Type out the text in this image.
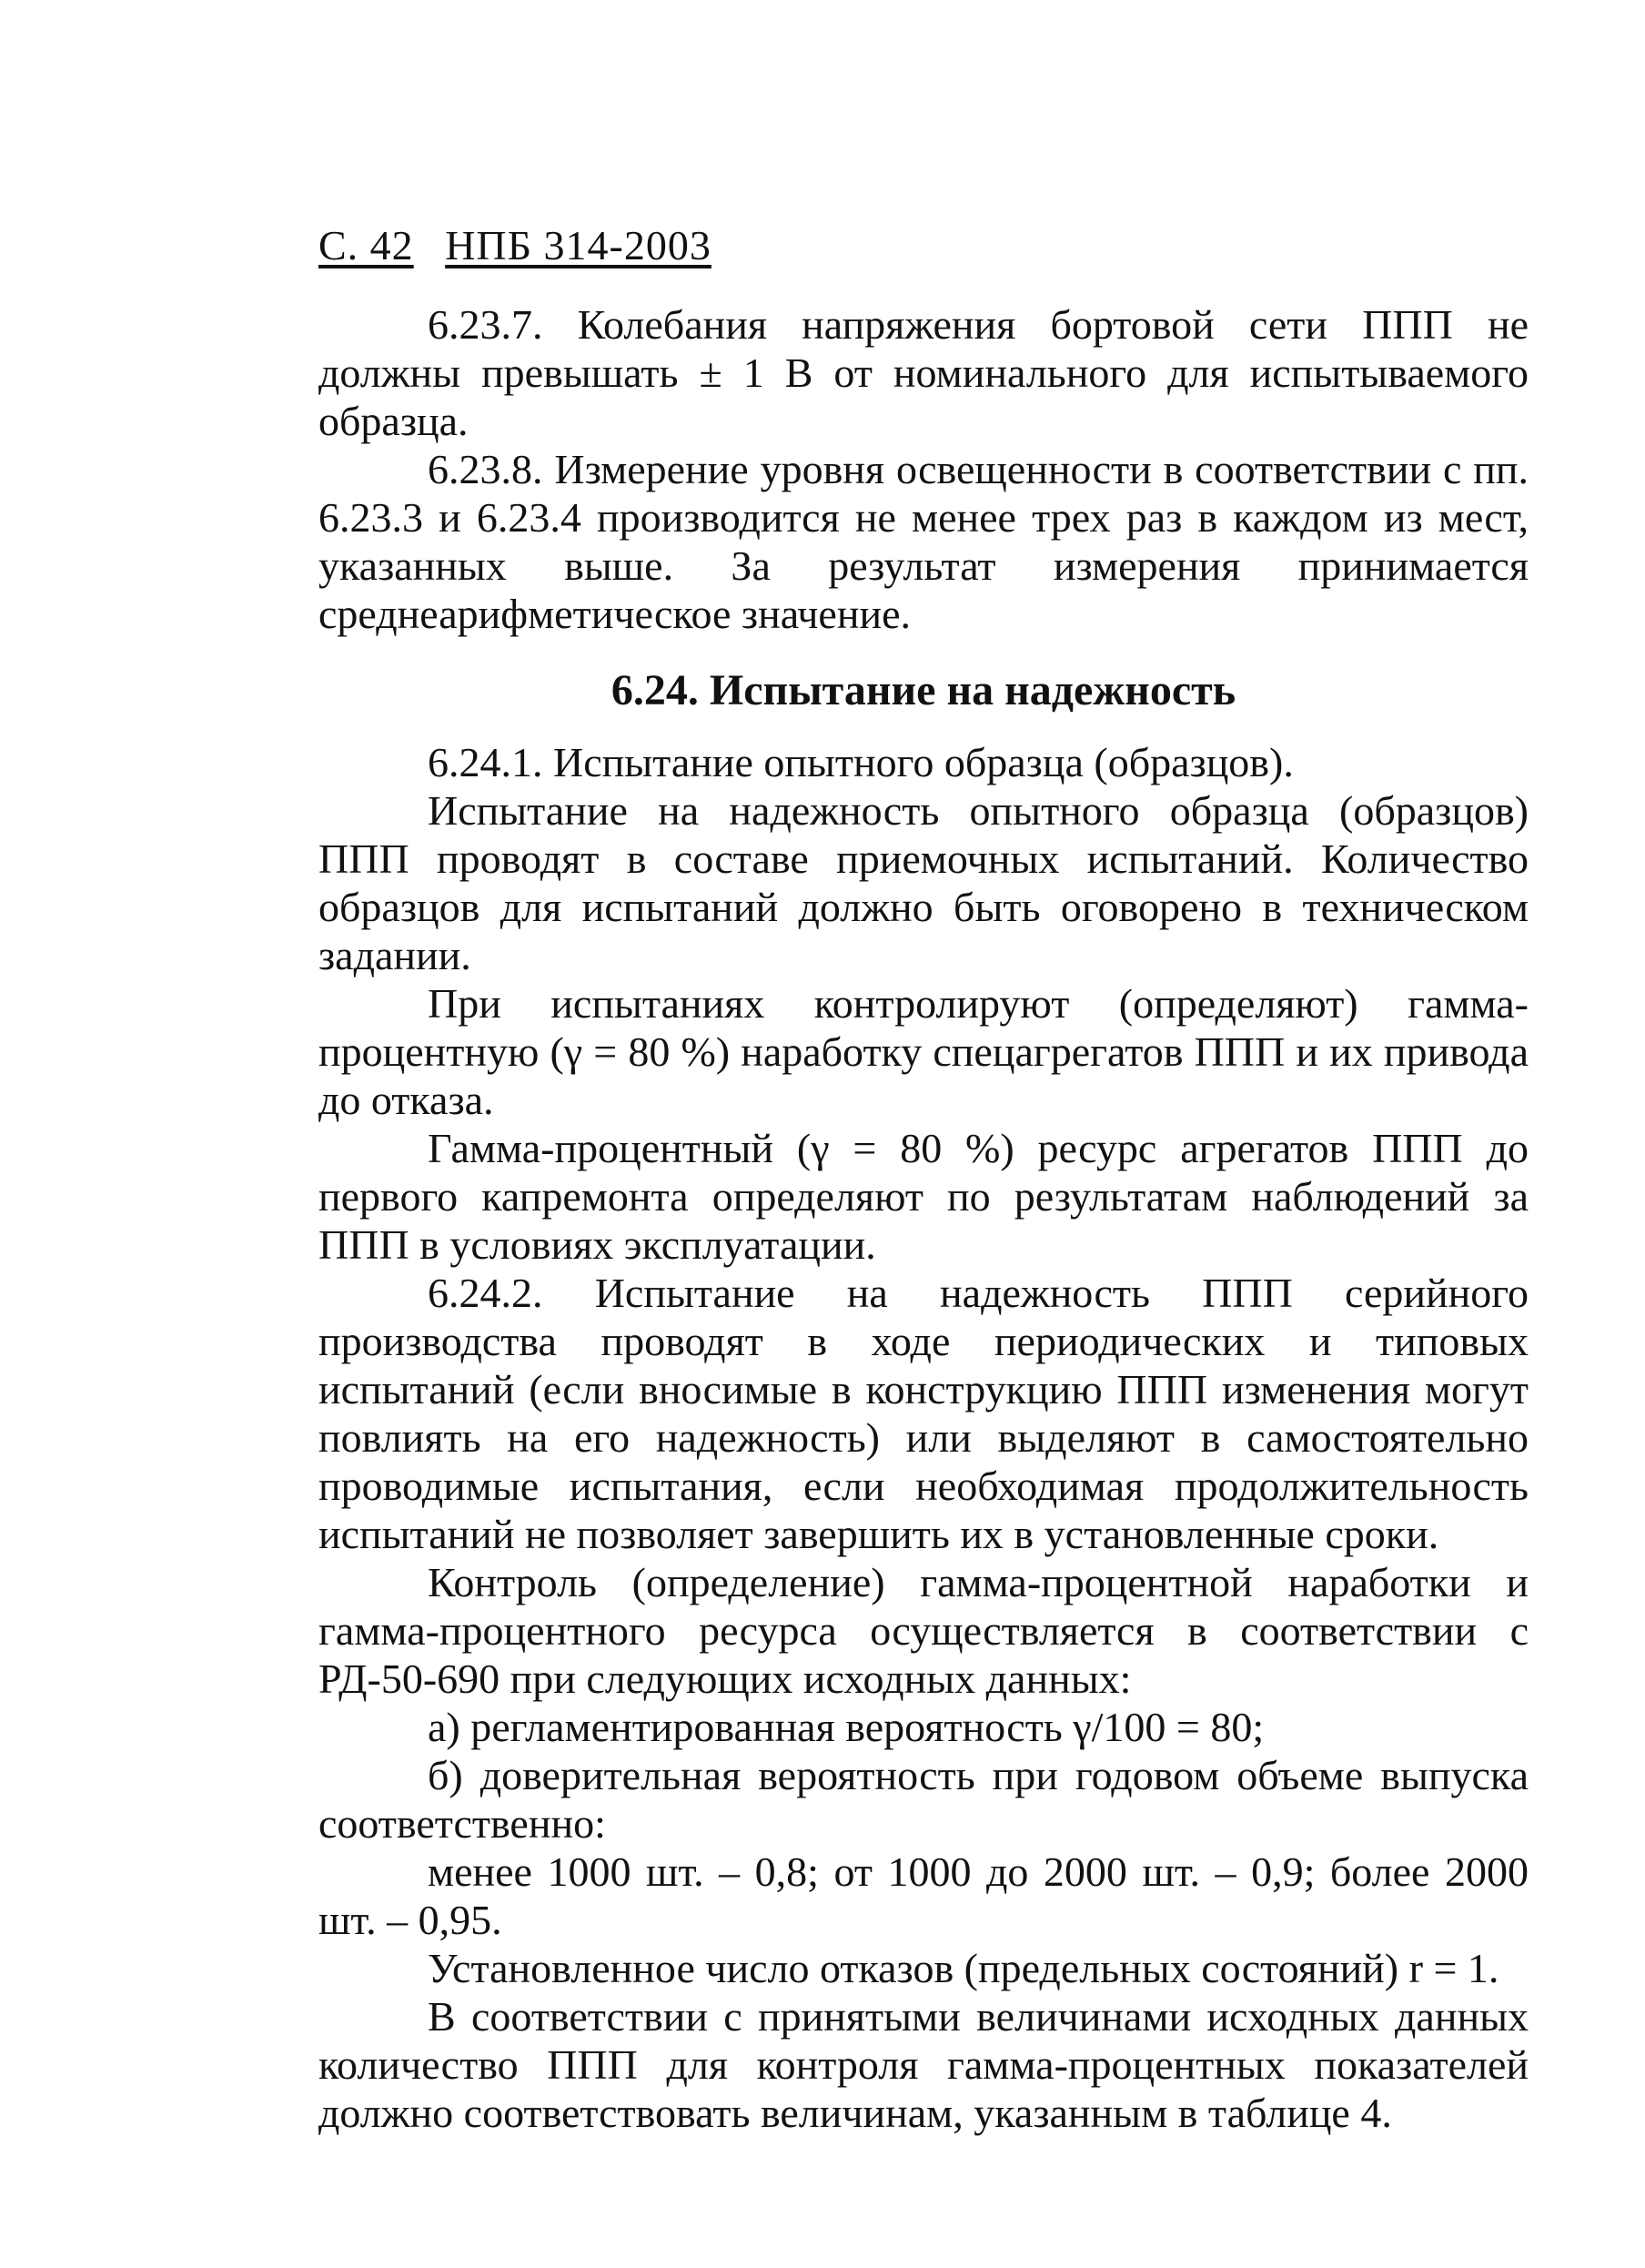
С. 42 НПБ 314-2003

6.23.7. Колебания напряжения бортовой сети ППП не должны превышать ± 1 В от номинального для испытываемого образца.

6.23.8. Измерение уровня освещенности в соответствии с пп. 6.23.3 и 6.23.4 производится не менее трех раз в каждом из мест, указанных выше. За результат измерения принимается среднеарифметическое значение.

6.24. Испытание на надежность

6.24.1. Испытание опытного образца (образцов).

Испытание на надежность опытного образца (образцов) ППП проводят в составе приемочных испытаний. Количество образцов для испытаний должно быть оговорено в техническом задании.

При испытаниях контролируют (определяют) гамма-процентную (γ = 80 %) наработку спецагрегатов ППП и их привода до отказа.

Гамма-процентный (γ = 80 %) ресурс агрегатов ППП до первого капремонта определяют по результатам наблюдений за ППП в условиях эксплуатации.

6.24.2. Испытание на надежность ППП серийного производства проводят в ходе периодических и типовых испытаний (если вносимые в конструкцию ППП изменения могут повлиять на его надежность) или выделяют в самостоятельно проводимые испытания, если необходимая продолжительность испытаний не позволяет завершить их в установленные сроки.

Контроль (определение) гамма-процентной наработки и гамма-процентного ресурса осуществляется в соответствии с РД-50-690 при следующих исходных данных:

а) регламентированная вероятность γ/100 = 80;

б) доверительная вероятность при годовом объеме выпуска соответственно:

менее 1000 шт. – 0,8; от 1000 до 2000 шт. – 0,9; более 2000 шт. – 0,95.

Установленное число отказов (предельных состояний) r = 1.

В соответствии с принятыми величинами исходных данных количество ППП для контроля гамма-процентных показателей должно соответствовать величинам, указанным в таблице 4.
